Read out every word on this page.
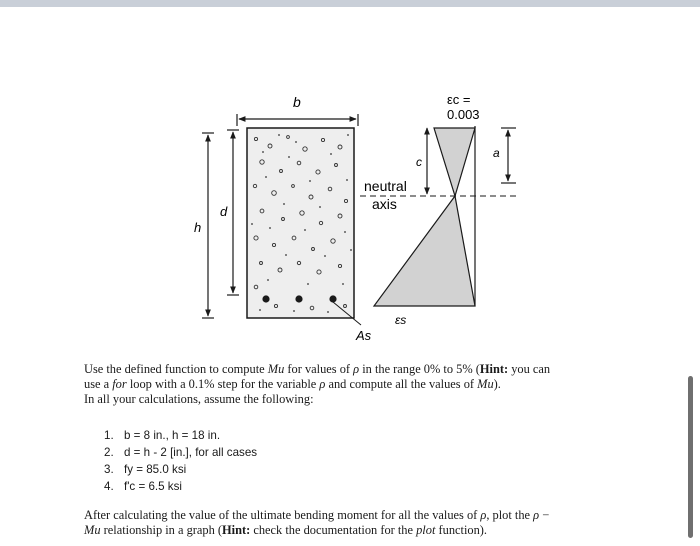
b
h
d
As
c
a
εc =
0.003
neutral
axis
εs

Use the defined function to compute Mu for values of ρ in the range 0% to 5% (Hint: you can

use a for loop with a 0.1% step for the variable ρ and compute all the values of Mu).

In all your calculations, assume the following:

1. b = 8 in., h = 18 in.
2. d = h - 2 [in.], for all cases
3. fy = 85.0 ksi
4. f'c = 6.5 ksi

After calculating the value of the ultimate bending moment for all the values of ρ, plot the ρ −

Mu relationship in a graph (Hint: check the documentation for the plot function).
